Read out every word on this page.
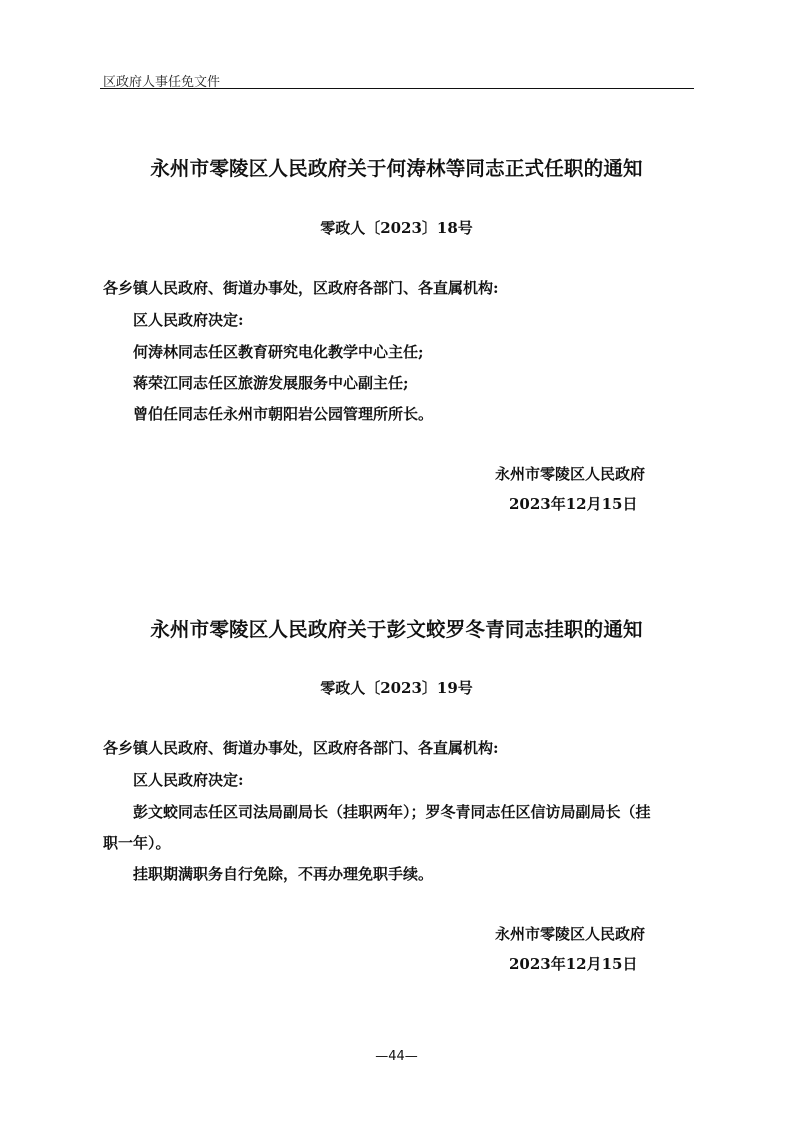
区政府人事任免文件
永州市零陵区人民政府关于何涛林等同志正式任职的通知
零政人〔2023〕18号
各乡镇人民政府、街道办事处，区政府各部门、各直属机构:
区人民政府决定:
何涛林同志任区教育研究电化教学中心主任;
蒋荣江同志任区旅游发展服务中心副主任;
曾伯任同志任永州市朝阳岩公园管理所所长。
永州市零陵区人民政府
2023年12月15日
永州市零陵区人民政府关于彭文蛟罗冬青同志挂职的通知
零政人〔2023〕19号
各乡镇人民政府、街道办事处，区政府各部门、各直属机构:
区人民政府决定:
彭文蛟同志任区司法局副局长（挂职两年）；罗冬青同志任区信访局副局长（挂
职一年）。
挂职期满职务自行免除，不再办理免职手续。
永州市零陵区人民政府
2023年12月15日
—44—
